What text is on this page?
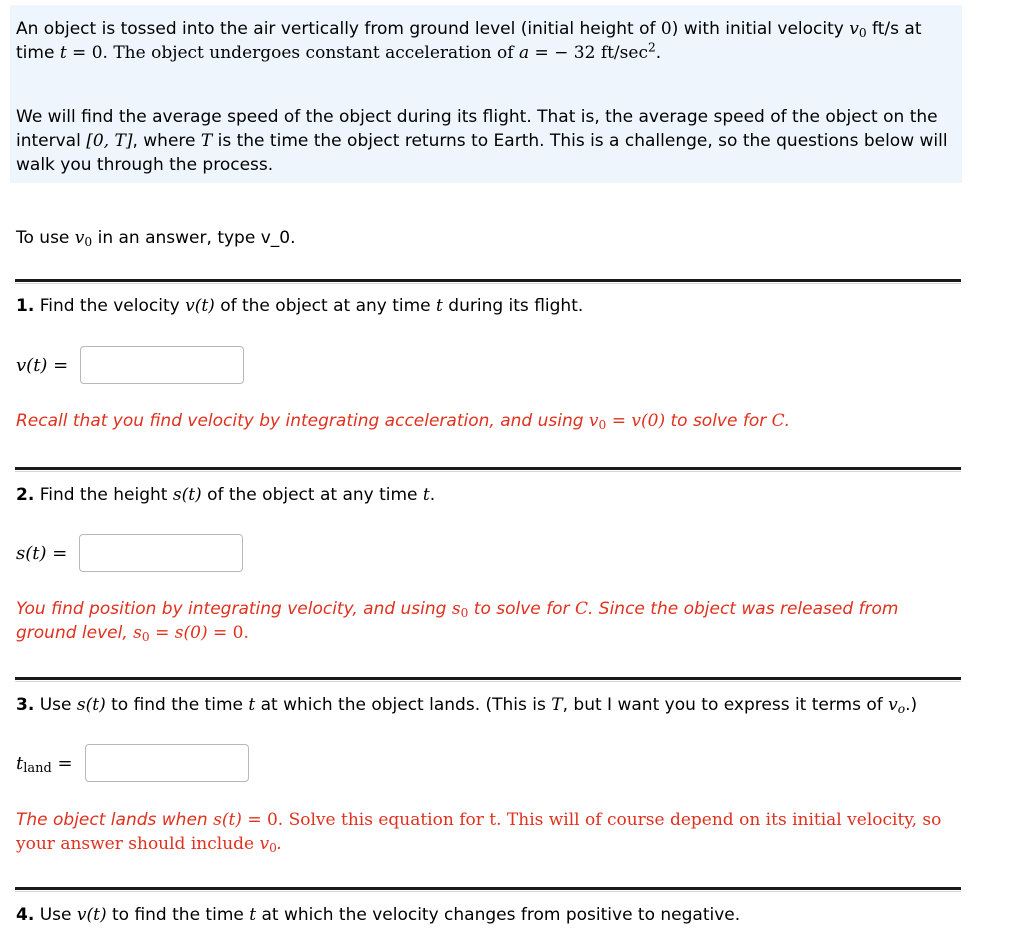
An object is tossed into the air vertically from ground level (initial height of 0) with initial velocity $v_0$ ft/s at time t = 0. The object undergoes constant acceleration of a = − 32 $ft/\sec^2$.

We will find the average speed of the object during its flight. That is, the average speed of the object on the interval [0, T], where T is the time the object returns to Earth. This is a challenge, so the questions below will walk you through the process.

To use $v_0$ in an answer, type v_0.

1. Find the velocity v(t) of the object at any time t during its flight.

v(t) =

Recall that you find velocity by integrating acceleration, and using $v_0 = v(0)$ to solve for C.

2. Find the height s(t) of the object at any time t.

s(t) =

You find position by integrating velocity, and using $s_0$ to solve for C. Since the object was released from ground level, $s_0 = s(0) = 0$.

3. Use s(t) to find the time t at which the object lands. (This is T, but I want you to express it terms of $v_o$.)

$t_{land}$ =

The object lands when s(t) = 0. Solve this equation for t. This will of course depend on its initial velocity, so your answer should include $v_0$.

4. Use v(t) to find the time t at which the velocity changes from positive to negative.
